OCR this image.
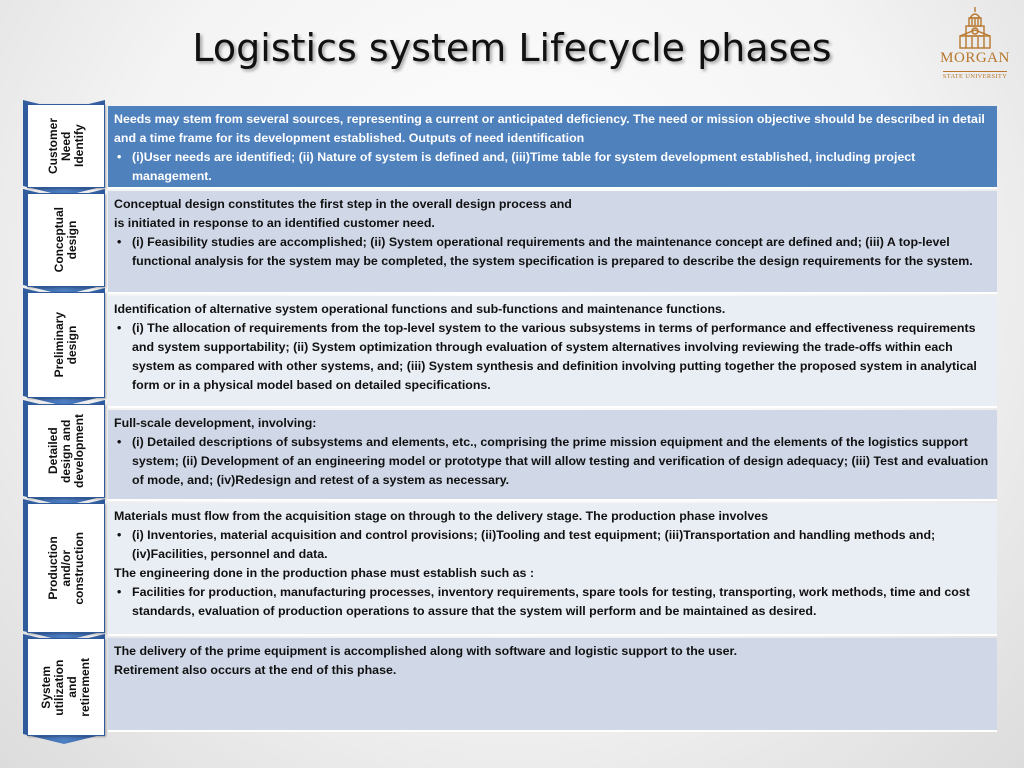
Logistics system Lifecycle phases	MORGAN
STATE UNIVERSITY
Customer
Need
Identify
Conceptual
design
Preliminary
design
Detailed
design and
development
Production
and/or
construction
System
utilization
and
retirement
Needs may stem from several sources, representing a current or anticipated deficiency. The need or mission objective should be described in detail and a time frame for its development established. Outputs of need identification
• (i)User needs are identified; (ii) Nature of system is defined and, (iii)Time table for system development established, including project management.
Conceptual design constitutes the first step in the overall design process and
is initiated in response to an identified customer need.
• (i) Feasibility studies are accomplished; (ii) System operational requirements and the maintenance concept are defined and; (iii) A top-level functional analysis for the system may be completed, the system specification is prepared to describe the design requirements for the system.
Identification of alternative system operational functions and sub-functions and maintenance functions.
• (i) The allocation of requirements from the top-level system to the various subsystems in terms of performance and effectiveness requirements and system supportability; (ii) System optimization through evaluation of system alternatives involving reviewing the trade-offs within each system as compared with other systems, and; (iii) System synthesis and definition involving putting together the proposed system in analytical form or in a physical model based on detailed specifications.
Full-scale development, involving:
• (i) Detailed descriptions of subsystems and elements, etc., comprising the prime mission equipment and the elements of the logistics support system; (ii) Development of an engineering model or prototype that will allow testing and verification of design adequacy; (iii) Test and evaluation of mode, and; (iv)Redesign and retest of a system as necessary.
Materials must flow from the acquisition stage on through to the delivery stage. The production phase involves
• (i) Inventories, material acquisition and control provisions; (ii)Tooling and test equipment; (iii)Transportation and handling methods and; (iv)Facilities, personnel and data.
The engineering done in the production phase must establish such as :
• Facilities for production, manufacturing processes, inventory requirements, spare tools for testing, transporting, work methods, time and cost standards, evaluation of production operations to assure that the system will perform and be maintained as desired.
The delivery of the prime equipment is accomplished along with software and logistic support to the user.
Retirement also occurs at the end of this phase.
